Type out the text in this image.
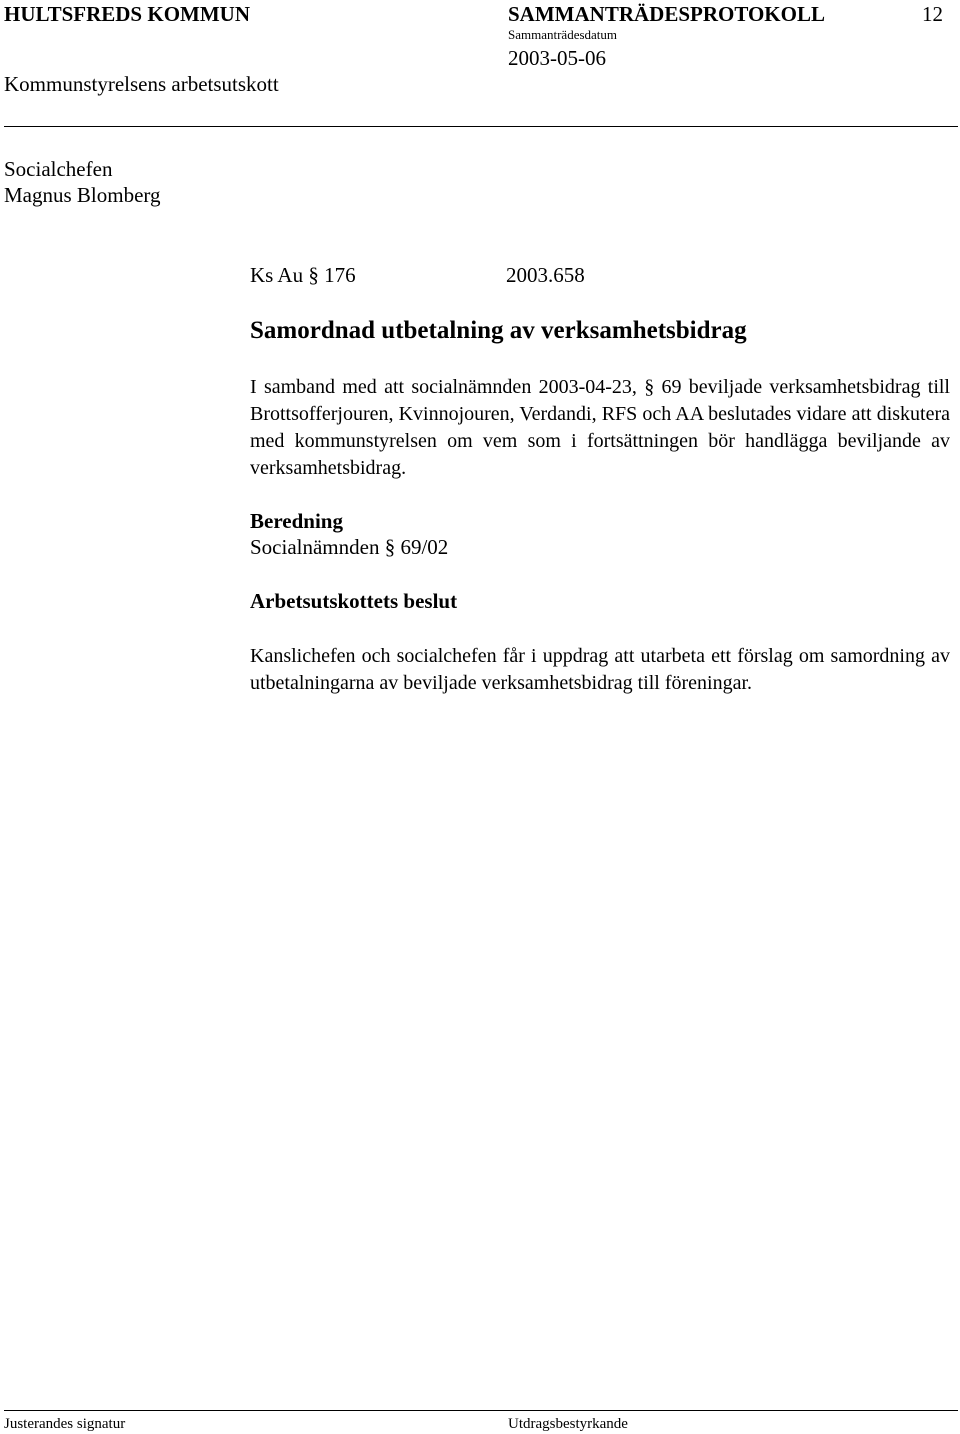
HULTSFREDS KOMMUN	SAMMANTRÄDESPROTOKOLL	12
Sammanträdesdatum
2003-05-06
Kommunstyrelsens arbetsutskott
Socialchefen
Magnus Blomberg
Ks Au § 176	2003.658
Samordnad utbetalning av verksamhetsbidrag
I samband med att socialnämnden 2003-04-23, § 69 beviljade verksamhetsbidrag till Brottsofferjouren, Kvinnojouren, Verdandi, RFS och AA beslutades vidare att diskutera med kommunstyrelsen om vem som i fortsättningen bör handlägga beviljande av verksamhetsbidrag.
Beredning
Socialnämnden § 69/02
Arbetsutskottets beslut
Kanslichefen och socialchefen får i uppdrag att utarbeta ett förslag om samordning av utbetalningarna av beviljade verksamhetsbidrag till föreningar.
Justerandes signatur	Utdragsbestyrkande
